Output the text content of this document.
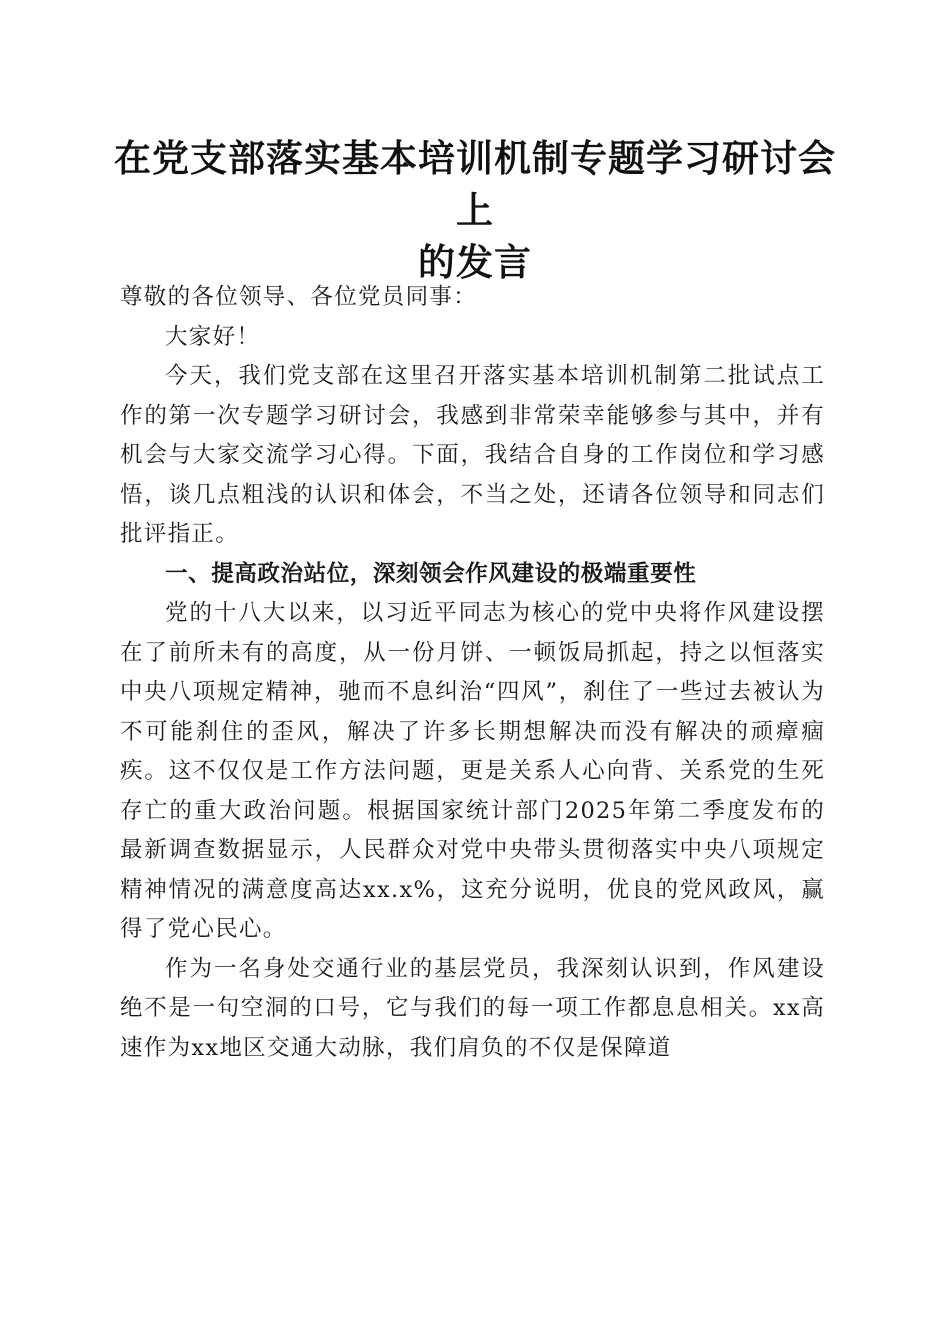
在党支部落实基本培训机制专题学习研讨会上
的发言

尊敬的各位领导、各位党员同事：

大家好！

今天，我们党支部在这里召开落实基本培训机制第二批试点工作的第一次专题学习研讨会，我感到非常荣幸能够参与其中，并有机会与大家交流学习心得。下面，我结合自身的工作岗位和学习感悟，谈几点粗浅的认识和体会，不当之处，还请各位领导和同志们批评指正。

一、提高政治站位，深刻领会作风建设的极端重要性

党的十八大以来，以习近平同志为核心的党中央将作风建设摆在了前所未有的高度，从一份月饼、一顿饭局抓起，持之以恒落实中央八项规定精神，驰而不息纠治“四风”，刹住了一些过去被认为不可能刹住的歪风，解决了许多长期想解决而没有解决的顽瘴痼疾。这不仅仅是工作方法问题，更是关系人心向背、关系党的生死存亡的重大政治问题。根据国家统计部门2025年第二季度发布的最新调查数据显示，人民群众对党中央带头贯彻落实中央八项规定精神情况的满意度高达xx.x%，这充分说明，优良的党风政风，赢得了党心民心。

作为一名身处交通行业的基层党员，我深刻认识到，作风建设绝不是一句空洞的口号，它与我们的每一项工作都息息相关。xx高速作为xx地区交通大动脉，我们肩负的不仅是保障道
